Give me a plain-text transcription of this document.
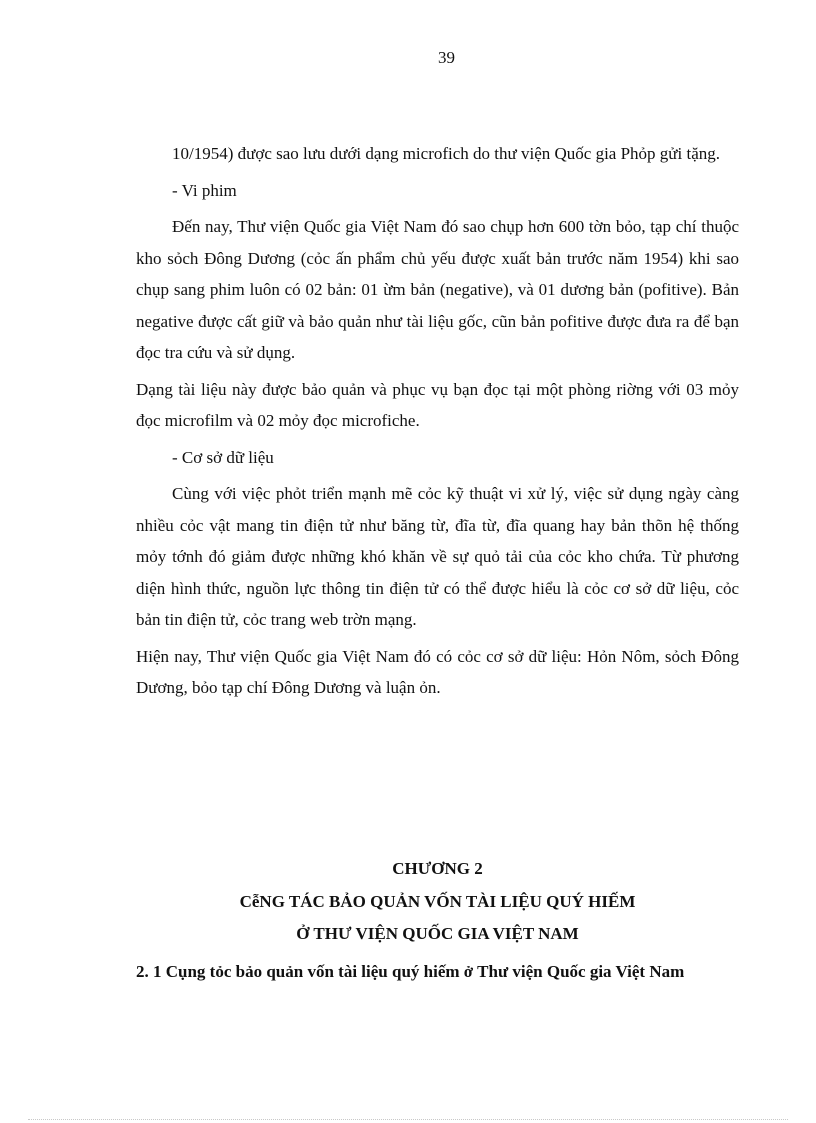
39

10/1954) được sao lưu dưới dạng microfich do thư viện Quốc gia Phỏp gửi tặng.

- Vi phim

Đến nay, Thư viện Quốc gia Việt Nam đó sao chụp hơn 600 tờn bỏo, tạp chí thuộc kho sỏch Đông Dương (cỏc ấn phẩm chủ yếu được xuất bản trước năm 1954) khi sao chụp sang phim luôn có 02 bản: 01 ừm bản (negative), và 01 dương bản (pofitive). Bản negative được cất giữ và bảo quản như tài liệu gốc, cũn bản pofitive được đưa ra để bạn đọc tra cứu và sử dụng.

Dạng tài liệu này được bảo quản và phục vụ bạn đọc tại một phòng riờng với 03 mỏy đọc microfilm và 02 mỏy đọc microfiche.

- Cơ sở dữ liệu

Cùng với việc phỏt triển mạnh mẽ cỏc kỹ thuật vi xử lý, việc sử dụng ngày càng nhiều cỏc vật mang tin điện tử như băng từ, đĩa từ, đĩa quang hay bản thõn hệ thống mỏy tớnh đó giảm được những khó khăn về sự quỏ tải của cỏc kho chứa. Từ phương diện hình thức, nguồn lực thông tin điện tử có thể được hiểu là cỏc cơ sở dữ liệu, cỏc bản tin điện tử, cỏc trang web trờn mạng.

Hiện nay, Thư viện Quốc gia Việt Nam đó có cỏc cơ sở dữ liệu: Hỏn Nôm, sỏch Đông Dương, bỏo tạp chí Đông Dương và luận ỏn.

CHƯƠNG 2
CễNG TÁC BẢO QUẢN VỐN TÀI LIỆU QUÝ HIẾM
Ở THƯ VIỆN QUỐC GIA VIỆT NAM
2. 1 Cụng tỏc bảo quản vốn tài liệu quý hiếm ở Thư viện Quốc gia Việt Nam
